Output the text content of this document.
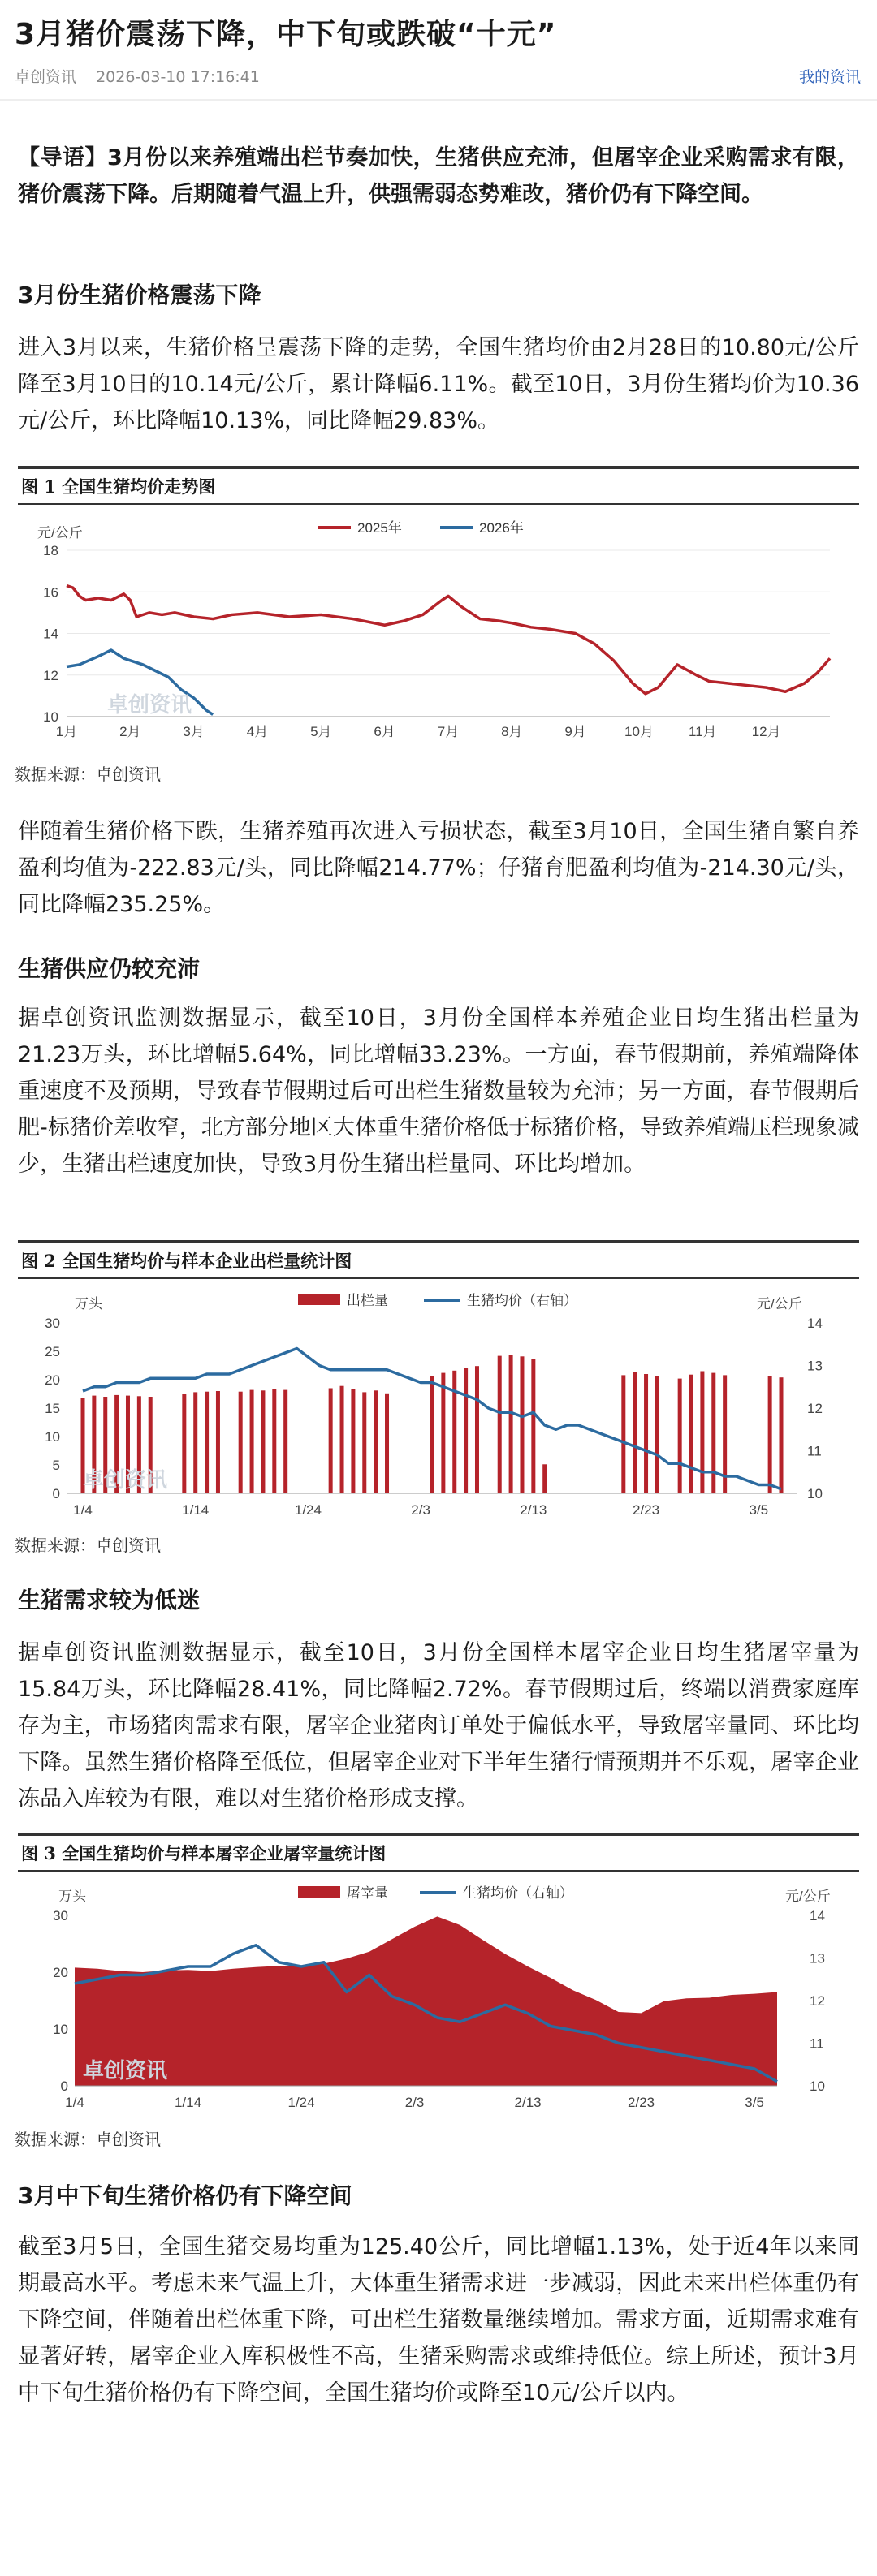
3月猪价震荡下降，中下旬或跌破“十元”
卓创资讯 2026-03-10 17:16:41	我的资讯
【导语】3月份以来养殖端出栏节奏加快，生猪供应充沛，但屠宰企业采购需求有限，猪价震荡下降。后期随着气温上升，供强需弱态势难改，猪价仍有下降空间。
3月份生猪价格震荡下降
进入3月以来，生猪价格呈震荡下降的走势，全国生猪均价由2月28日的10.80元/公斤降至3月10日的10.14元/公斤，累计降幅6.11%。截至10日，3月份生猪均价为10.36元/公斤，环比降幅10.13%，同比降幅29.83%。
图 1 全国生猪均价走势图
元/公斤
10
12
14
16
18
1月	2月	3月	4月	5月	6月	7月	8月	9月	10月	11月	12月
2025年	2026年
卓创资讯
数据来源：卓创资讯
伴随着生猪价格下跌，生猪养殖再次进入亏损状态，截至3月10日，全国生猪自繁自养盈利均值为-222.83元/头，同比降幅214.77%；仔猪育肥盈利均值为-214.30元/头，同比降幅235.25%。
生猪供应仍较充沛
据卓创资讯监测数据显示，截至10日，3月份全国样本养殖企业日均生猪出栏量为21.23万头，环比增幅5.64%，同比增幅33.23%。一方面，春节假期前，养殖端降体重速度不及预期，导致春节假期过后可出栏生猪数量较为充沛；另一方面，春节假期后肥-标猪价差收窄，北方部分地区大体重生猪价格低于标猪价格，导致养殖端压栏现象减少，生猪出栏速度加快，导致3月份生猪出栏量同、环比均增加。
图 2 全国生猪均价与样本企业出栏量统计图
万头	元/公斤
0
5
10
15
20
25
30
10
11
12
13
14
1/4	1/14	1/24	2/3	2/13	2/23	3/5
出栏量	生猪均价（右轴）
卓创资讯
数据来源：卓创资讯
生猪需求较为低迷
据卓创资讯监测数据显示，截至10日，3月份全国样本屠宰企业日均生猪屠宰量为15.84万头，环比降幅28.41%，同比降幅2.72%。春节假期过后，终端以消费家庭库存为主，市场猪肉需求有限，屠宰企业猪肉订单处于偏低水平，导致屠宰量同、环比均下降。虽然生猪价格降至低位，但屠宰企业对下半年生猪行情预期并不乐观，屠宰企业冻品入库较为有限，难以对生猪价格形成支撑。
图 3 全国生猪均价与样本屠宰企业屠宰量统计图
万头	元/公斤
0
10
20
30
10
11
12
13
14
1/4	1/14	1/24	2/3	2/13	2/23	3/5
屠宰量	生猪均价（右轴）
卓创资讯
数据来源：卓创资讯
3月中下旬生猪价格仍有下降空间
截至3月5日，全国生猪交易均重为125.40公斤，同比增幅1.13%，处于近4年以来同期最高水平。考虑未来气温上升，大体重生猪需求进一步减弱，因此未来出栏体重仍有下降空间，伴随着出栏体重下降，可出栏生猪数量继续增加。需求方面，近期需求难有显著好转，屠宰企业入库积极性不高，生猪采购需求或维持低位。综上所述，预计3月中下旬生猪价格仍有下降空间，全国生猪均价或降至10元/公斤以内。
